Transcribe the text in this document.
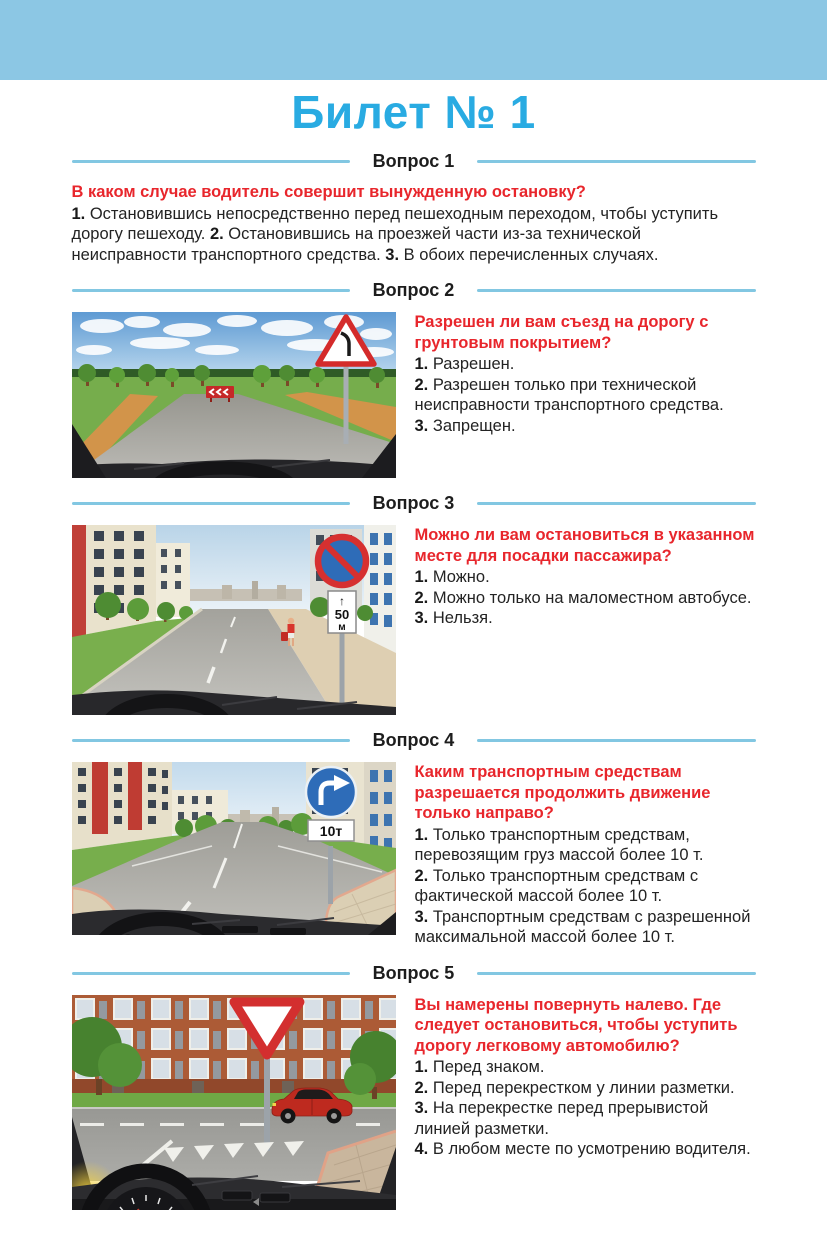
Билет № 1
Вопрос 1

В каком случае водитель совершит вынужденную остановку?

1. Остановившись непосредственно перед пешеходным переходом, чтобы уступить дорогу пешеходу. 2. Остановившись на проезжей части из-за технической неисправности транспортного средства. 3. В обоих перечисленных случаях.
Вопрос 2

Разрешен ли вам съезд на дорогу с грунтовым покрытием?

1. Разрешен.
2. Разрешен только при технической неисправности транспортного средства.
3. Запрещен.
Вопрос 3
↑
50
м

Можно ли вам остановиться в указанном месте для посадки пассажира?

1. Можно.
2. Можно только на маломестном автобусе.
3. Нельзя.
Вопрос 4
10т

Каким транспортным средствам разрешается продолжить движение только направо?

1. Только транспортным средствам, перевозящим груз массой более 10 т.
2. Только транспортным средствам с фактической массой более 10 т.
3. Транспортным средствам с разрешенной максимальной массой более 10 т.
Вопрос 5

Вы намерены повернуть налево. Где следует остановиться, чтобы уступить дорогу легковому автомобилю?

1. Перед знаком.
2. Перед перекрестком у линии разметки.
3. На перекрестке перед прерывистой линией разметки.
4. В любом месте по усмотрению водителя.
